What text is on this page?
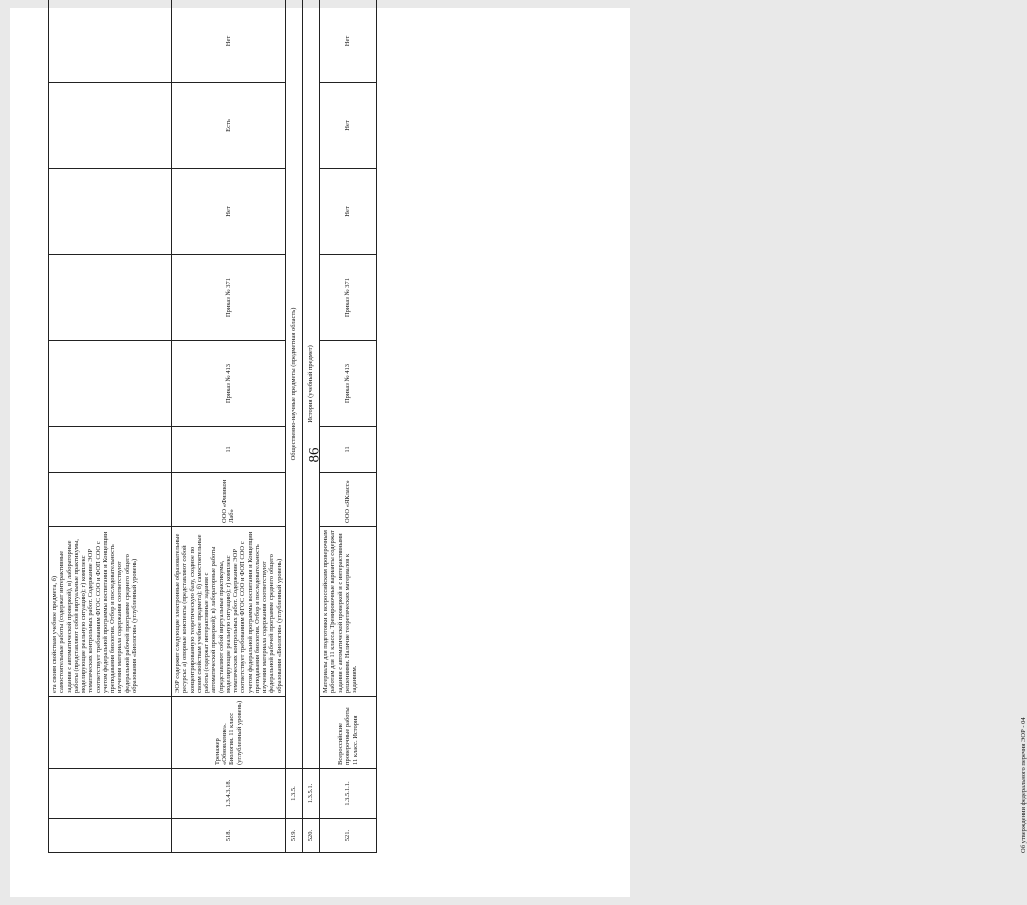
86
			ета своим свойствам учебное предмета, б) самостоятельные работы (содержат интерактивные задания с автоматической проверкой), в) лабораторные работы (представляют собой виртуальные практикумы, моделирующие реальную ситуацию); г) комплекс тематических контрольных работ. Содержание ЭОР соответствует требованиям ФГОС СОО и ФОП СОО с учетом федеральной программы воспитания и Концепции преподавания биологии. Отбор и последовательность изучения материала содержания соответствуют федеральной рабочей программе среднего общего образования «Биология» (углубленный уровень)							
518.	1.3.4.3.18.	Тренажер «Обновление». Биология. 11 класс (углубленный уровень)	ЭОР содержит следующие электронные образовательные ресурсы: а) опорные конспекты (представляют собой концентрированную теоретическую базу, сходное по своим свойствам учебное предмета); б) самостоятельные работы (содержат интерактивные задания с автоматической проверкой); в) лабораторные работы (представляют собой виртуальные практикумы, моделирующие реальную ситуацию); г) комплекс тематических контрольных работ. Содержание ЭОР соответствует требованиям ФГОС СОО и ФОП СОО с учетом федеральной программы воспитания и Концепции преподавания биологии. Отбор и последовательность изучения материала содержания соответствуют федеральной рабочей программе среднего общего образования «Биология» (углубленный уровень)	ООО «Физикон Лаб»	11	Приказ № 413	Приказ № 371	Нет	Есть	Нет
519.	1.3.5.	Общественно-научные предметы (предметная область)								
520.	1.3.5.1.	История (учебный предмет)								
521.	1.3.5.1.1.	Всероссийские проверочные работы 11 класс. История	Материалы для подготовки к всероссийским проверочным работам для 11 класса. Тренировочные варианты содержат задания с автоматической проверкой и с интерактивными решениями. Наличие теоретических материалов к заданиям.	ООО «ЯКласс»	11	Приказ № 413	Приказ № 371	Нет	Нет	Нет
Об утверждении федерального перечня ЭОР - 04
